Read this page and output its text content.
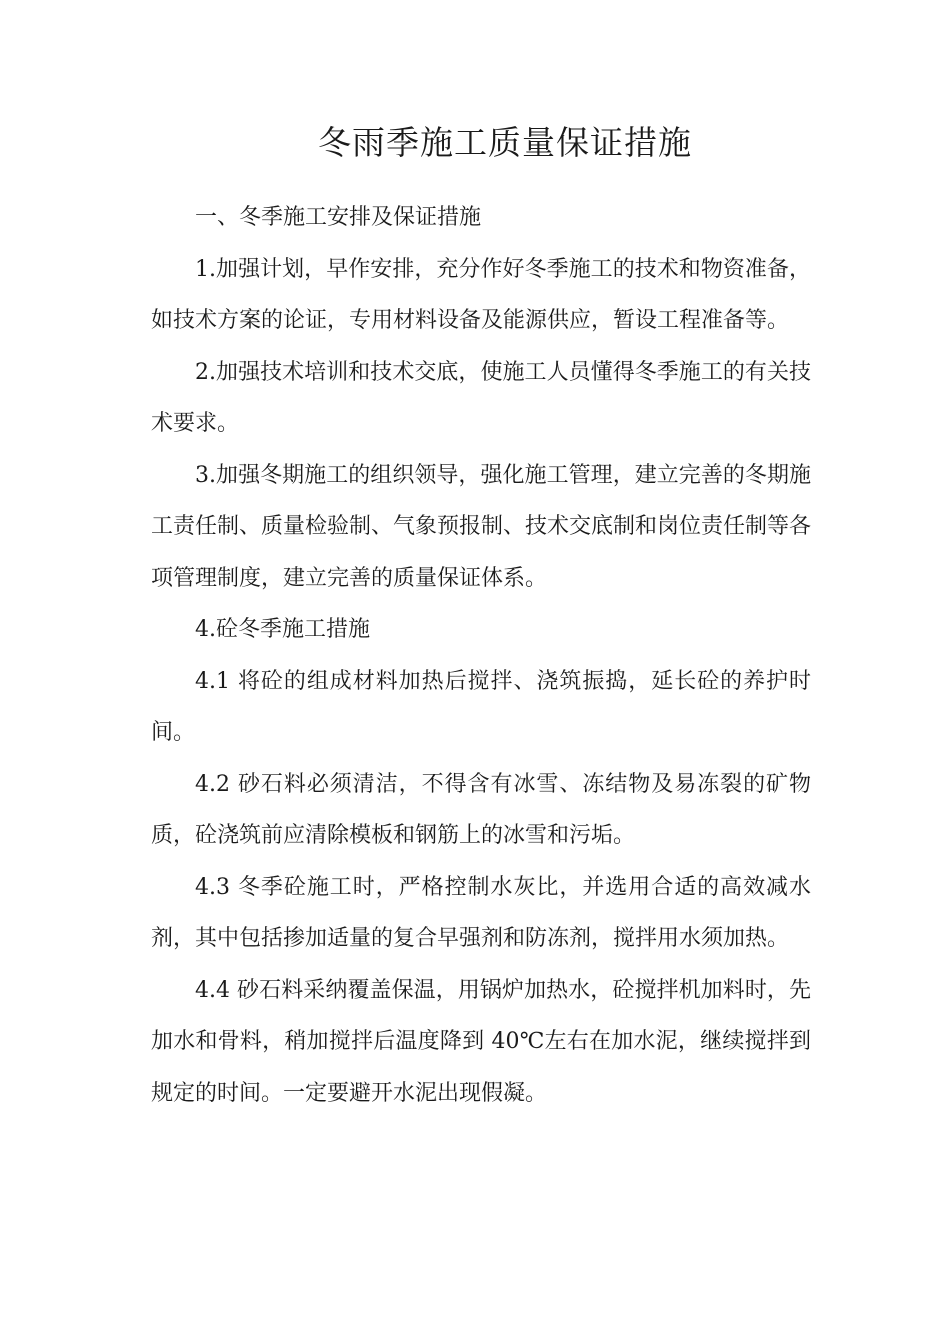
冬雨季施工质量保证措施

一、冬季施工安排及保证措施

1.加强计划，早作安排，充分作好冬季施工的技术和物资准备，如技术方案的论证，专用材料设备及能源供应，暂设工程准备等。

2.加强技术培训和技术交底，使施工人员懂得冬季施工的有关技术要求。

3.加强冬期施工的组织领导，强化施工管理，建立完善的冬期施工责任制、质量检验制、气象预报制、技术交底制和岗位责任制等各项管理制度，建立完善的质量保证体系。

4.砼冬季施工措施

4.1 将砼的组成材料加热后搅拌、浇筑振捣，延长砼的养护时间。

4.2 砂石料必须清洁，不得含有冰雪、冻结物及易冻裂的矿物质，砼浇筑前应清除模板和钢筋上的冰雪和污垢。

4.3 冬季砼施工时，严格控制水灰比，并选用合适的高效减水剂，其中包括掺加适量的复合早强剂和防冻剂，搅拌用水须加热。

4.4 砂石料采纳覆盖保温，用锅炉加热水，砼搅拌机加料时，先加水和骨料，稍加搅拌后温度降到 40℃左右在加水泥，继续搅拌到规定的时间。一定要避开水泥出现假凝。
